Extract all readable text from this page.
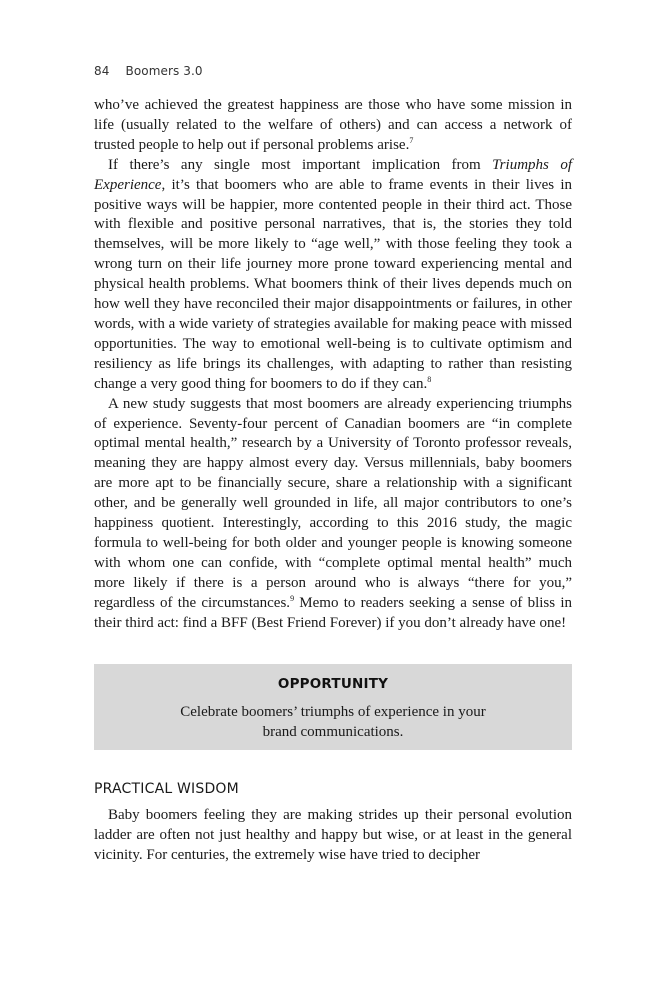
84 Boomers 3.0

who’ve achieved the greatest happiness are those who have some mission in life (usually related to the welfare of others) and can access a network of trusted people to help out if personal problems arise.$^7$

If there’s any single most important implication from Triumphs of Experience, it’s that boomers who are able to frame events in their lives in positive ways will be happier, more contented people in their third act. Those with flexible and positive personal narratives, that is, the stories they told themselves, will be more likely to “age well,” with those feeling they took a wrong turn on their life journey more prone toward experiencing mental and physical health problems. What boomers think of their lives depends much on how well they have reconciled their major disappointments or failures, in other words, with a wide variety of strategies available for making peace with missed opportunities. The way to emotional well-being is to cultivate optimism and resiliency as life brings its challenges, with adapting to rather than resisting change a very good thing for boomers to do if they can.$^8$

A new study suggests that most boomers are already experiencing triumphs of experience. Seventy-four percent of Canadian boomers are “in complete optimal mental health,” research by a University of Toronto professor reveals, meaning they are happy almost every day. Versus millennials, baby boomers are more apt to be financially secure, share a relationship with a significant other, and be generally well grounded in life, all major contributors to one’s happiness quotient. Interestingly, according to this 2016 study, the magic formula to well-being for both older and younger people is knowing someone with whom one can confide, with “complete optimal mental health” much more likely if there is a person around who is always “there for you,” regardless of the circumstances.$^9$ Memo to readers seeking a sense of bliss in their third act: find a BFF (Best Friend Forever) if you don’t already have one!

OPPORTUNITY
Celebrate boomers’ triumphs of experience in your
brand communications.
PRACTICAL WISDOM

Baby boomers feeling they are making strides up their personal evolution ladder are often not just healthy and happy but wise, or at least in the general vicinity. For centuries, the extremely wise have tried to decipher
